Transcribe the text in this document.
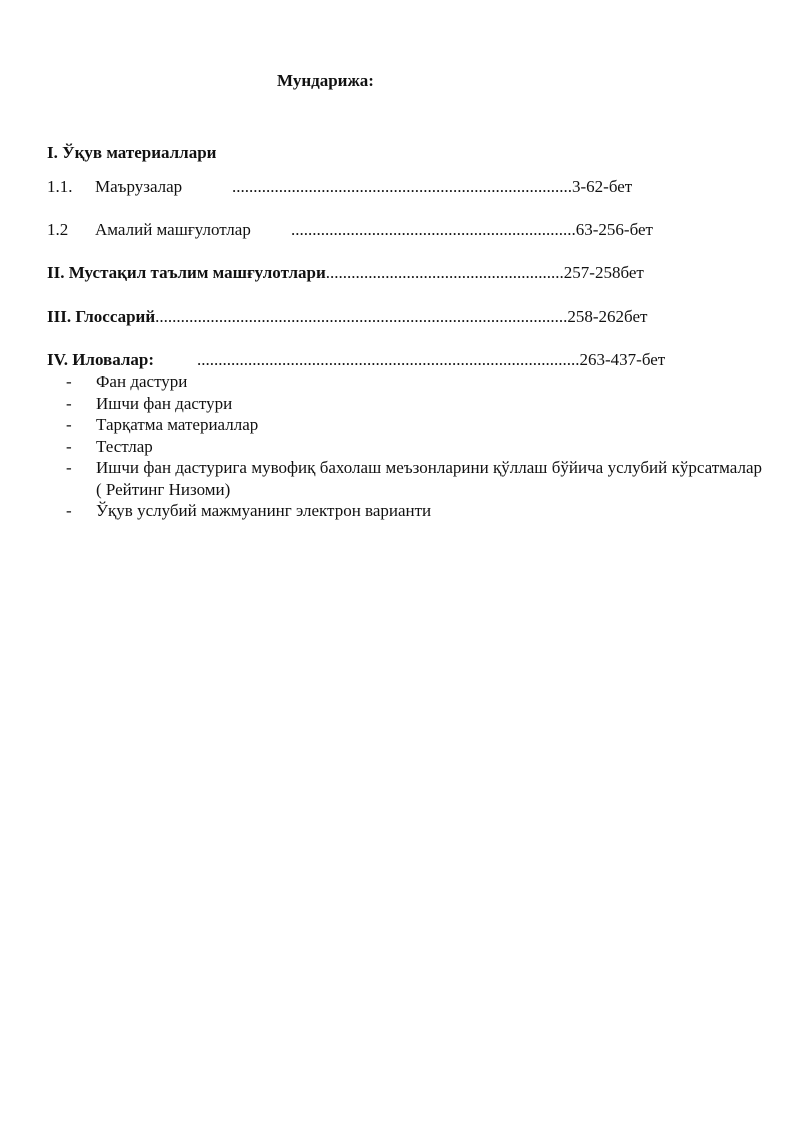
Мундарижа:
I. Ўқув материаллари
1.1. Маърузалар	................................................................................3-62-бет
1.2 Амалий машғулотлар ...................................................................63-256-бет
II. Мустақил таълим машғулотлари........................................................257-258бет
III. Глоссарий.................................................................................................258-262бет
IV. Иловалар:	..........................................................................................263-437-бет
-	Фан дастури
-	Ишчи фан дастури
-	Тарқатма материаллар
-	Тестлар
-	Ишчи фан дастурига мувофиқ бахолаш меъзонларини қўллаш бўйича услубий кўрсатмалар ( Рейтинг Низоми)
-	Ўқув услубий мажмуанинг электрон варианти
